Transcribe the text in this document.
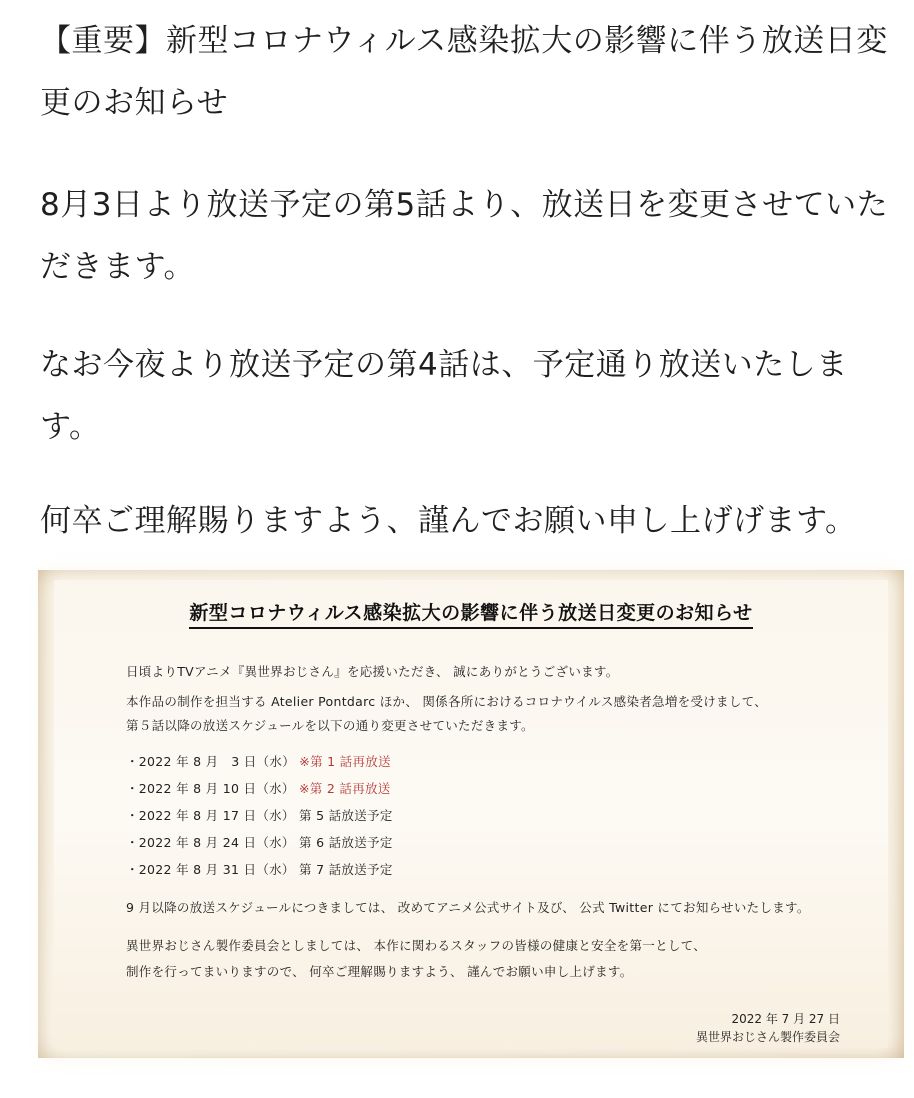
【重要】新型コロナウィルス感染拡大の影響に伴う放送日変更のお知らせ

8月3日より放送予定の第5話より、放送日を変更させていただきます。

なお今夜より放送予定の第4話は、予定通り放送いたします。

何卒ご理解賜りますよう、謹んでお願い申し上げげます。

新型コロナウィルス感染拡大の影響に伴う放送日変更のお知らせ
日頃よりTVアニメ『異世界おじさん』を応援いただき、 誠にありがとうございます。
本作品の制作を担当する Atelier Pontdarc ほか、 関係各所におけるコロナウイルス感染者急増を受けまして、
第５話以降の放送スケジュールを以下の通り変更させていただきます。
・2022 年 8 月　3 日（水） ※第 1 話再放送
・2022 年 8 月 10 日（水） ※第 2 話再放送
・2022 年 8 月 17 日（水） 第 5 話放送予定
・2022 年 8 月 24 日（水） 第 6 話放送予定
・2022 年 8 月 31 日（水） 第 7 話放送予定
9 月以降の放送スケジュールにつきましては、 改めてアニメ公式サイト及び、 公式 Twitter にてお知らせいたします。
異世界おじさん製作委員会としましては、 本作に関わるスタッフの皆様の健康と安全を第一として、
制作を行ってまいりますので、 何卒ご理解賜りますよう、 謹んでお願い申し上げます。
2022 年 7 月 27 日
異世界おじさん製作委員会
